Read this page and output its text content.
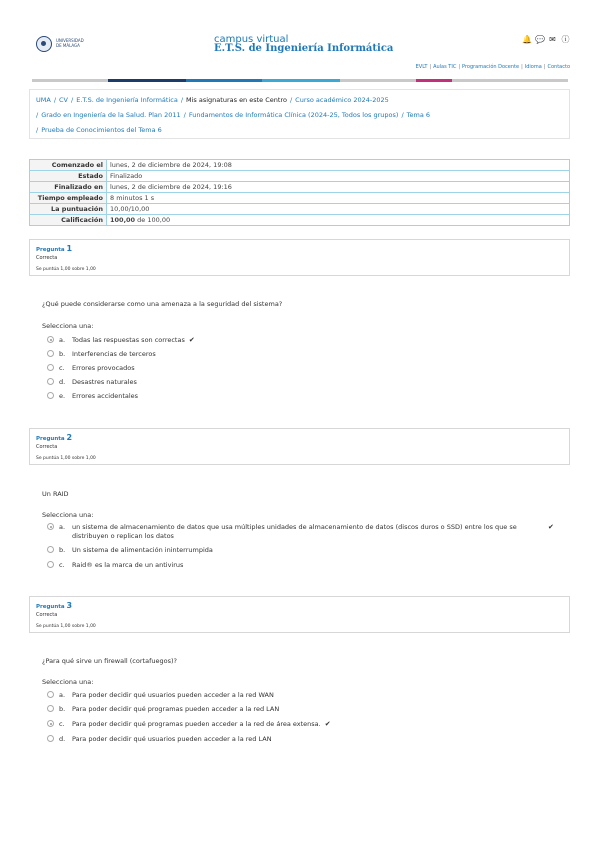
UNIVERSIDAD
DE MÁLAGA
campus virtual
E.T.S. de Ingeniería Informática
🔔 💬 ✉ ⓘ
EVLT | Aulas TIC | Programación Docente | Idioma | Contacto
UMA / CV / E.T.S. de Ingeniería Informática / Mis asignaturas en este Centro / Curso académico 2024-2025
/ Grado en Ingeniería de la Salud. Plan 2011 / Fundamentos de Informática Clínica (2024-25, Todos los grupos) / Tema 6
/ Prueba de Conocimientos del Tema 6
Comenzado el	lunes, 2 de diciembre de 2024, 19:08
Estado	Finalizado
Finalizado en	lunes, 2 de diciembre de 2024, 19:16
Tiempo empleado	8 minutos 1 s
La puntuación	10,00/10,00
Calificación	100,00 de 100,00
Pregunta 1
Correcta
Se puntúa 1,00 sobre 1,00
¿Qué puede considerarse como una amenaza a la seguridad del sistema?
Selecciona una:
a. Todas las respuestas son correctas ✔
b. Interferencias de terceros
c. Errores provocados
d. Desastres naturales
e. Errores accidentales
Pregunta 2
Correcta
Se puntúa 1,00 sobre 1,00
Un RAID
Selecciona una:
a. un sistema de almacenamiento de datos que usa múltiples unidades de almacenamiento de datos (discos duros o SSD) entre los que se distribuyen o replican los datos
✔
b. Un sistema de alimentación ininterrumpida
c. Raid® es la marca de un antivirus
Pregunta 3
Correcta
Se puntúa 1,00 sobre 1,00
¿Para qué sirve un firewall (cortafuegos)?
Selecciona una:
a. Para poder decidir qué usuarios pueden acceder a la red WAN
b. Para poder decidir qué programas pueden acceder a la red LAN
c. Para poder decidir qué programas pueden acceder a la red de área extensa. ✔
d. Para poder decidir qué usuarios pueden acceder a la red LAN
